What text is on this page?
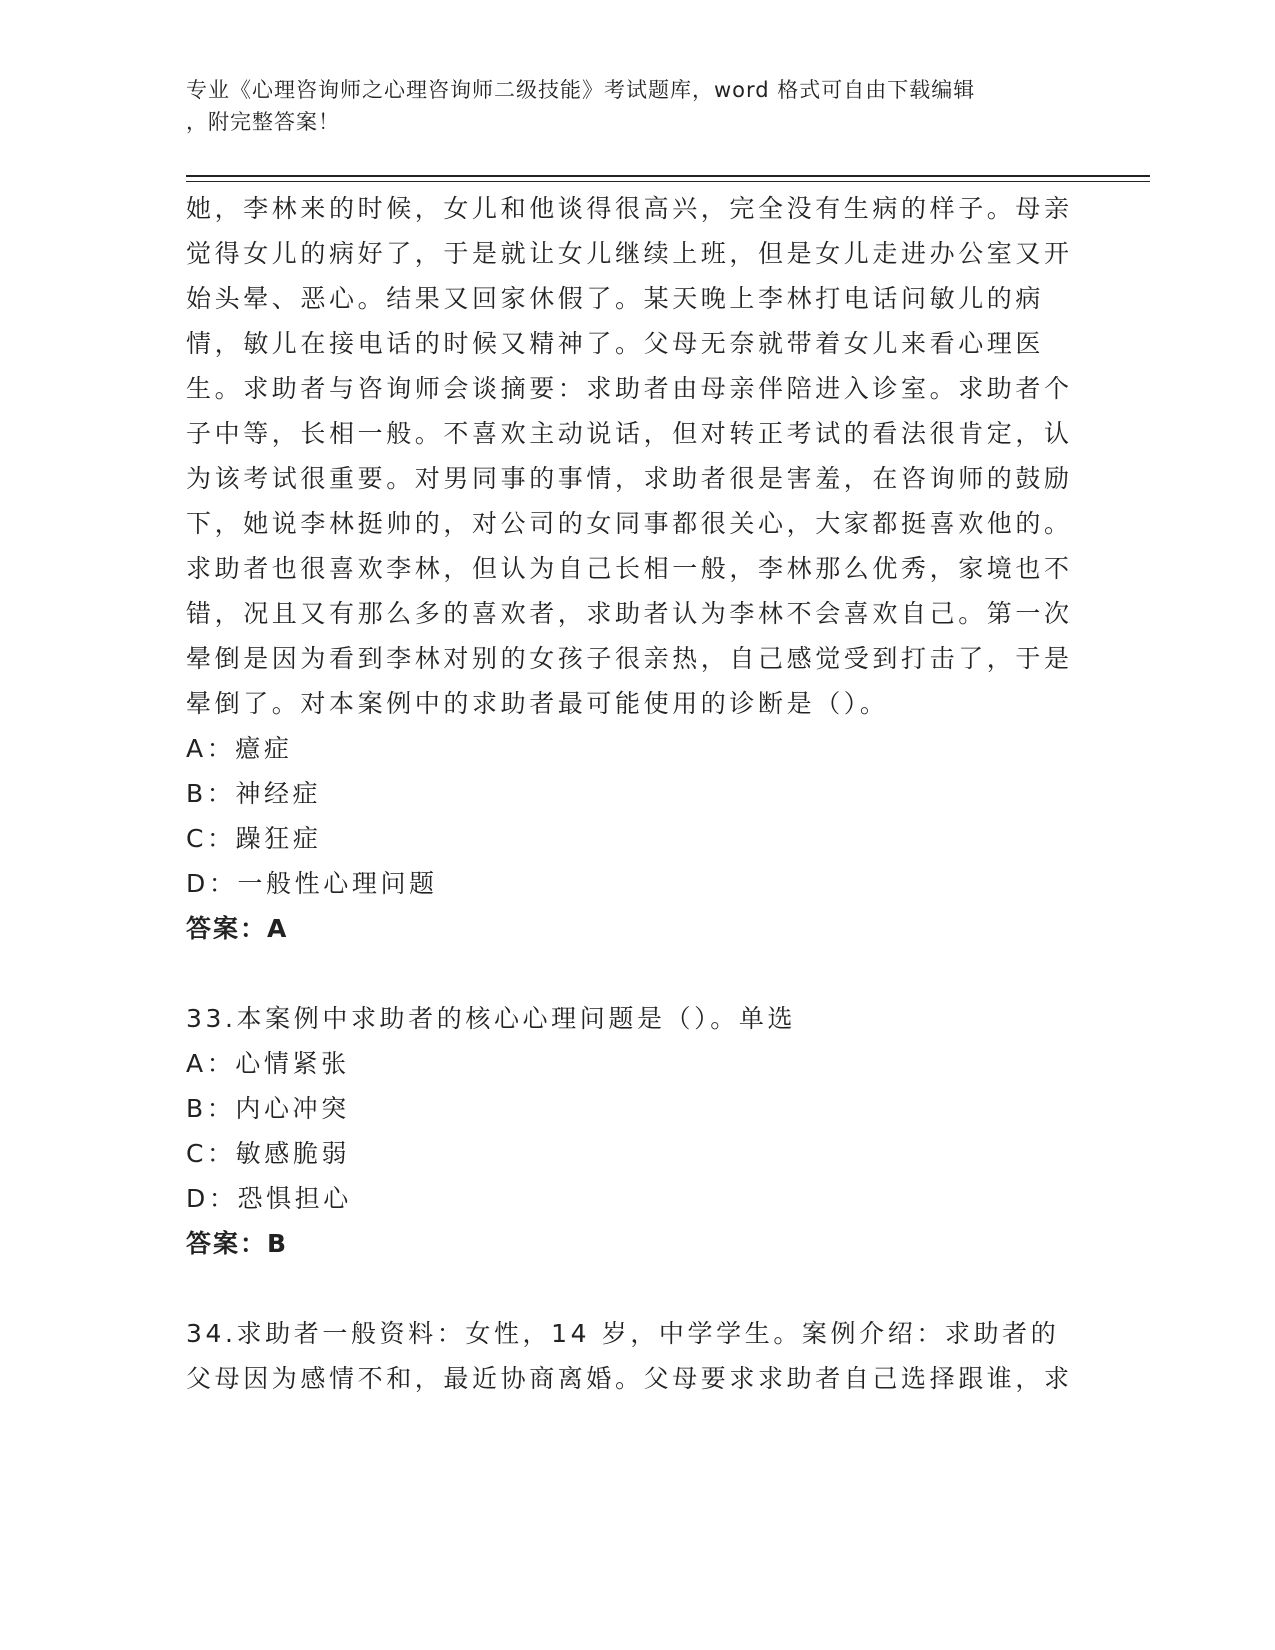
专业《心理咨询师之心理咨询师二级技能》考试题库，word 格式可自由下载编辑
，附完整答案！

她，李林来的时候，女儿和他谈得很高兴，完全没有生病的样子。母亲觉得女儿的病好了，于是就让女儿继续上班，但是女儿走进办公室又开始头晕、恶心。结果又回家休假了。某天晚上李林打电话问敏儿的病情，敏儿在接电话的时候又精神了。父母无奈就带着女儿来看心理医生。求助者与咨询师会谈摘要：求助者由母亲伴陪进入诊室。求助者个子中等，长相一般。不喜欢主动说话，但对转正考试的看法很肯定，认为该考试很重要。对男同事的事情，求助者很是害羞，在咨询师的鼓励下，她说李林挺帅的，对公司的女同事都很关心，大家都挺喜欢他的。求助者也很喜欢李林，但认为自己长相一般，李林那么优秀，家境也不错，况且又有那么多的喜欢者，求助者认为李林不会喜欢自己。第一次晕倒是因为看到李林对别的女孩子很亲热，自己感觉受到打击了，于是晕倒了。对本案例中的求助者最可能使用的诊断是（）。

A：癔症

B：神经症

C：躁狂症

D：一般性心理问题

答案：A

33.本案例中求助者的核心心理问题是（）。单选

A：心情紧张

B：内心冲突

C：敏感脆弱

D：恐惧担心

答案：B

34.求助者一般资料：女性，14 岁，中学学生。案例介绍：求助者的父母因为感情不和，最近协商离婚。父母要求求助者自己选择跟谁，求
